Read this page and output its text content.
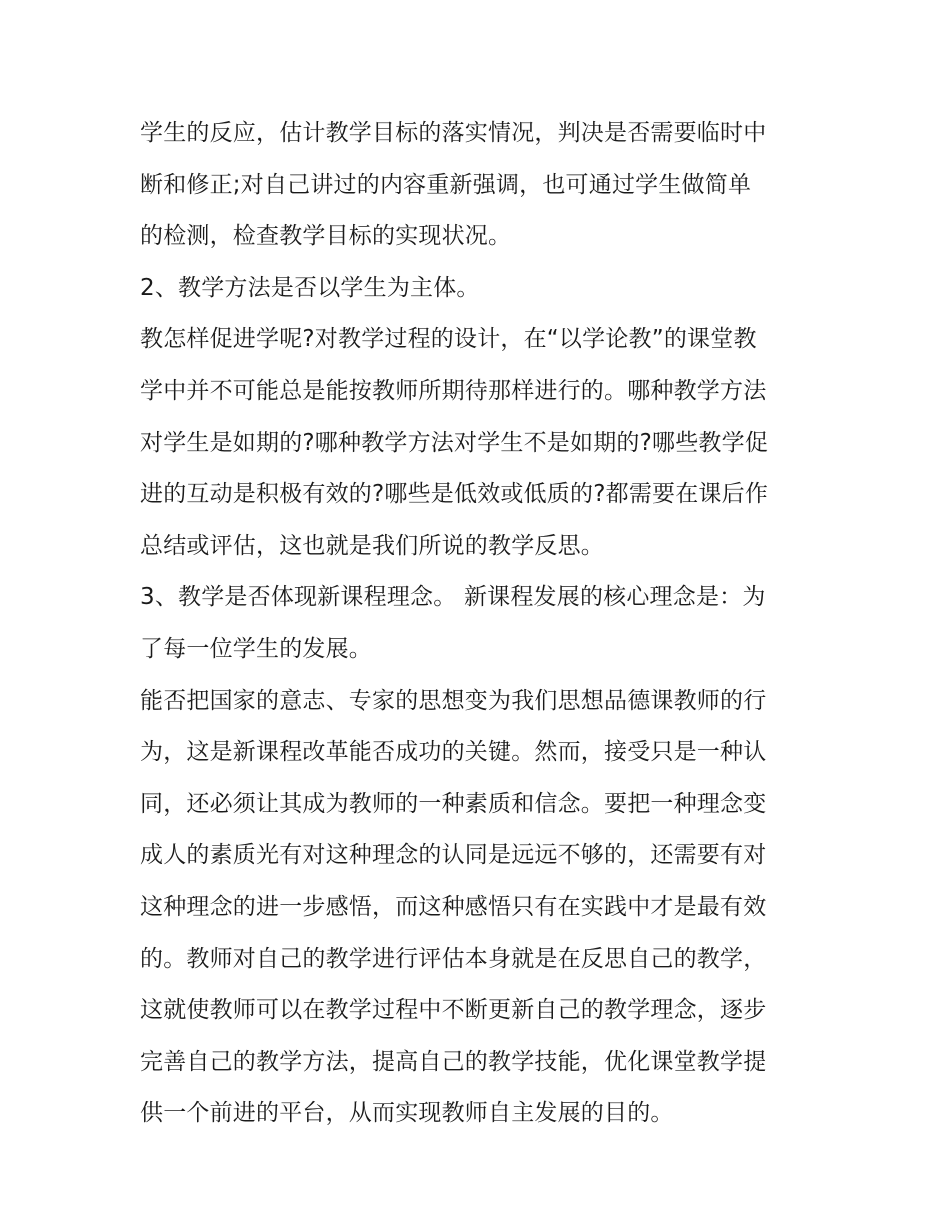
学生的反应，估计教学目标的落实情况，判决是否需要临时中
断和修正;对自己讲过的内容重新强调，也可通过学生做简单
的检测，检查教学目标的实现状况。
2、教学方法是否以学生为主体。
教怎样促进学呢?对教学过程的设计，在“以学论教”的课堂教
学中并不可能总是能按教师所期待那样进行的。哪种教学方法
对学生是如期的?哪种教学方法对学生不是如期的?哪些教学促
进的互动是积极有效的?哪些是低效或低质的?都需要在课后作
总结或评估，这也就是我们所说的教学反思。
3、教学是否体现新课程理念。 新课程发展的核心理念是：为
了每一位学生的发展。
能否把国家的意志、专家的思想变为我们思想品德课教师的行
为，这是新课程改革能否成功的关键。然而，接受只是一种认
同，还必须让其成为教师的一种素质和信念。要把一种理念变
成人的素质光有对这种理念的认同是远远不够的，还需要有对
这种理念的进一步感悟，而这种感悟只有在实践中才是最有效
的。教师对自己的教学进行评估本身就是在反思自己的教学，
这就使教师可以在教学过程中不断更新自己的教学理念，逐步
完善自己的教学方法，提高自己的教学技能，优化课堂教学提
供一个前进的平台，从而实现教师自主发展的目的。
